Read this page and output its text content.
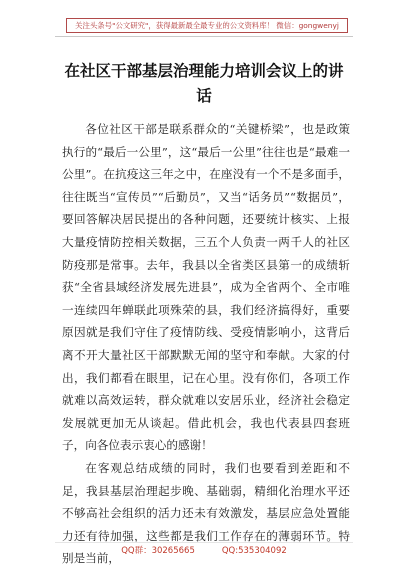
关注头条号"公文研究"，获得最新最全最专业的公文资料库！ 微信：gongwenyj
在社区干部基层治理能力培训会议上的讲话

各位社区干部是联系群众的“关键桥梁”，也是政策执行的“最后一公里”，这“最后一公里”往往也是“最难一公里”。在抗疫这三年之中，在座没有一个不是多面手，往往既当“宣传员”“后勤员”，又当“话务员”“数据员”，要回答解决居民提出的各种问题，还要统计核实、上报大量疫情防控相关数据，三五个人负责一两千人的社区防疫那是常事。去年，我县以全省类区县第一的成绩斩获“全省县域经济发展先进县”，成为全省两个、全市唯一连续四年蝉联此项殊荣的县，我们经济搞得好，重要原因就是我们守住了疫情防线、受疫情影响小，这背后离不开大量社区干部默默无闻的坚守和奉献。大家的付出，我们都看在眼里，记在心里。没有你们，各项工作就难以高效运转，群众就难以安居乐业，经济社会稳定发展就更加无从谈起。借此机会，我也代表县四套班子，向各位表示衷心的感谢！

在客观总结成绩的同时，我们也要看到差距和不足，我县基层治理起步晚、基础弱，精细化治理水平还不够高社会组织的活力还未有效激发，基层应急处置能力还有待加强，这些都是我们工作存在的薄弱环节。特别是当前，

QQ群：30265665          QQ:535304092
